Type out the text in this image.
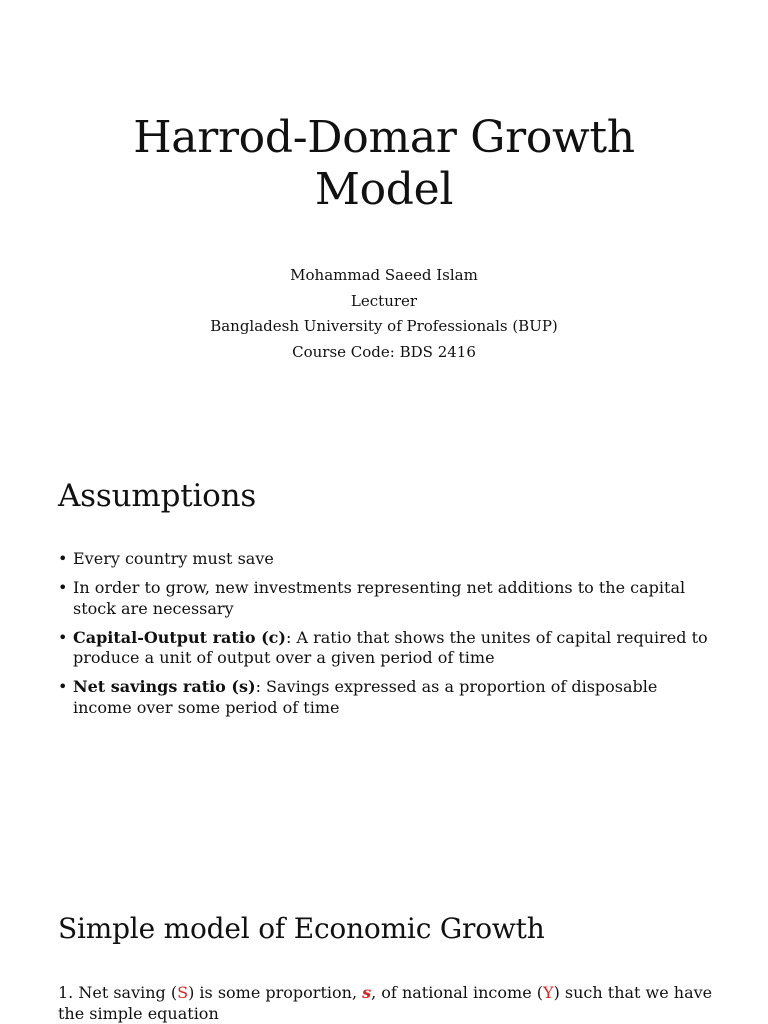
Harrod-Domar Growth
Model
Mohammad Saeed Islam
Lecturer
Bangladesh University of Professionals (BUP)
Course Code: BDS 2416
Assumptions
• Every country must save
• In order to grow, new investments representing net additions to the capital stock are necessary
• Capital-Output ratio (c): A ratio that shows the unites of capital required to produce a unit of output over a given period of time
• Net savings ratio (s): Savings expressed as a proportion of disposable income over some period of time
Simple model of Economic Growth

1. Net saving (S) is some proportion, s, of national income (Y) such that we have the simple equation
